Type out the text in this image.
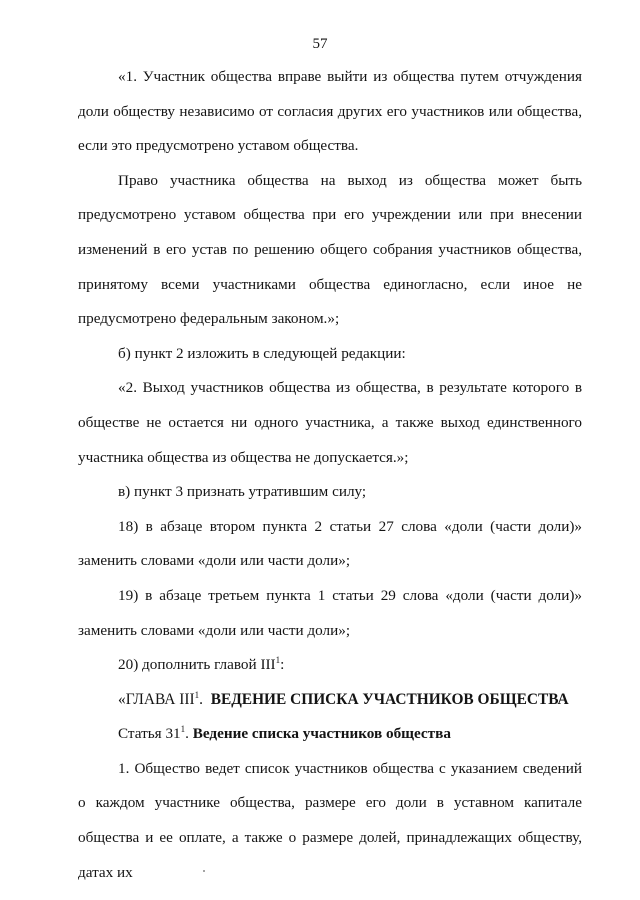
57

«1. Участник общества вправе выйти из общества путем отчуждения доли обществу независимо от согласия других его участников или общества, если это предусмотрено уставом общества.

Право участника общества на выход из общества может быть предусмотрено уставом общества при его учреждении или при внесении изменений в его устав по решению общего собрания участников общества, принятому всеми участниками общества единогласно, если иное не предусмотрено федеральным законом.»;

б) пункт 2 изложить в следующей редакции:

«2. Выход участников общества из общества, в результате которого в обществе не остается ни одного участника, а также выход единственного участника общества из общества не допускается.»;

в) пункт 3 признать утратившим силу;

18) в абзаце втором пункта 2 статьи 27 слова «доли (части доли)» заменить словами «доли или части доли»;

19) в абзаце третьем пункта 1 статьи 29 слова «доли (части доли)» заменить словами «доли или части доли»;

20) дополнить главой III$^1$:

«ГЛАВА III$^1$. ВЕДЕНИЕ СПИСКА УЧАСТНИКОВ ОБЩЕСТВА

Статья $31^1$. Ведение списка участников общества

1. Общество ведет список участников общества с указанием сведений о каждом участнике общества, размере его доли в уставном капитале общества и ее оплате, а также о размере долей, принадлежащих обществу, датах их
